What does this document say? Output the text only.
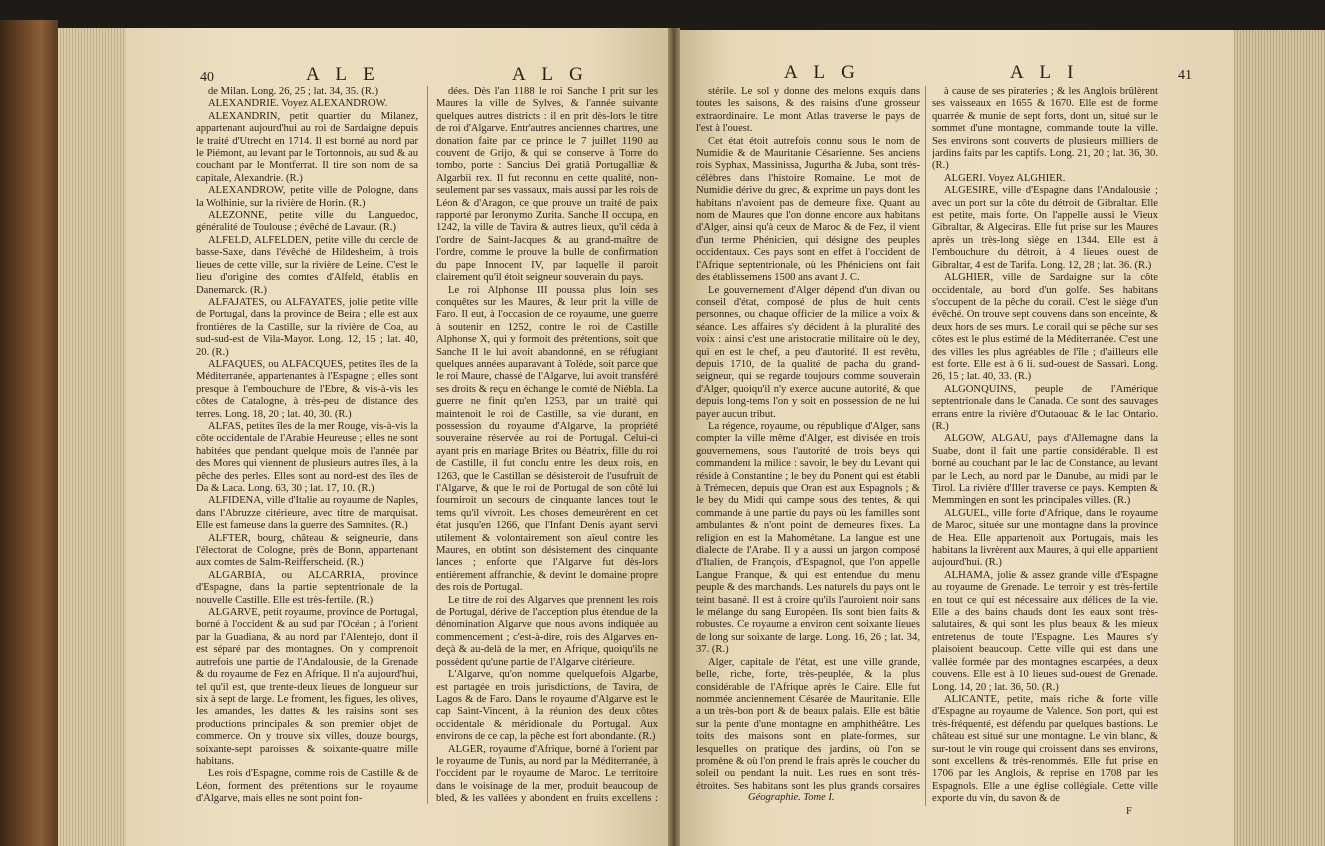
40	A L E	A L G	A L G	A L I	41

de Milan. Long. 26, 25 ; lat. 34, 35. (R.)

ALEXANDRIE. Voyez ALEXANDROW.

ALEXANDRIN, petit quartier du Milanez, appartenant aujourd'hui au roi de Sardaigne depuis le traité d'Utrecht en 1714. Il est borné au nord par le Piémont, au levant par le Tortonnois, au sud & au couchant par le Montferrat. Il tire son nom de sa capitale, Alexandrie. (R.)

ALEXANDROW, petite ville de Pologne, dans la Wolhinie, sur la rivière de Horin. (R.)

ALEZONNE, petite ville du Languedoc, généralité de Toulouse ; évêché de Lavaur. (R.)

ALFELD, ALFELDEN, petite ville du cercle de basse-Saxe, dans l'évêché de Hildesheim, à trois lieues de cette ville, sur la rivière de Leine. C'est le lieu d'origine des comtes d'Alfeld, établis en Danemarck. (R.)

ALFAJATES, ou ALFAYATES, jolie petite ville de Portugal, dans la province de Beira ; elle est aux frontières de la Castille, sur la rivière de Coa, au sud-sud-est de Vila-Mayor. Long. 12, 15 ; lat. 40, 20. (R.)

ALFAQUES, ou ALFACQUES, petites îles de la Méditerranée, appartenantes à l'Espagne ; elles sont presque à l'embouchure de l'Ebre, & vis-à-vis les côtes de Catalogne, à très-peu de distance des terres. Long. 18, 20 ; lat. 40, 30. (R.)

ALFAS, petites îles de la mer Rouge, vis-à-vis la côte occidentale de l'Arabie Heureuse ; elles ne sont habitées que pendant quelque mois de l'année par des Mores qui viennent de plusieurs autres îles, à la pêche des perles. Elles sont au nord-est des îles de Da & Laca. Long. 63, 30 ; lat. 17, 10. (R.)

ALFIDENA, ville d'Italie au royaume de Naples, dans l'Abruzze citérieure, avec titre de marquisat. Elle est fameuse dans la guerre des Samnites. (R.)

ALFTER, bourg, château & seigneurie, dans l'électorat de Cologne, près de Bonn, appartenant aux comtes de Salm-Reifferscheid. (R.)

ALGARBIA, ou ALCARRIA, province d'Espagne, dans la partie septentrionale de la nouvelle Castille. Elle est très-fertile. (R.)

ALGARVE, petit royaume, province de Portugal, borné à l'occident & au sud par l'Océan ; à l'orient par la Guadiana, & au nord par l'Alentejo, dont il est séparé par des montagnes. On y comprenoit autrefois une partie de l'Andalousie, de la Grenade & du royaume de Fez en Afrique. Il n'a aujourd'hui, tel qu'il est, que trente-deux lieues de longueur sur six à sept de large. Le froment, les figues, les olives, les amandes, les dattes & les raisins sont ses productions principales & son premier objet de commerce. On y trouve six villes, douze bourgs, soixante-sept paroisses & soixante-quatre mille habitans.

Les rois d'Espagne, comme rois de Castille & de Léon, forment des prétentions sur le royaume d'Algarve, mais elles ne sont point fon-

dées. Dès l'an 1188 le roi Sanche I prit sur les Maures la ville de Sylves, & l'année suivante quelques autres districts : il en prit dès-lors le titre de roi d'Algarve. Entr'autres anciennes chartres, une donation faite par ce prince le 7 juillet 1190 au couvent de Grijo, & qui se conserve à Torre do tombo, porte : Sancius Dei gratiâ Portugalliæ & Algarbii rex. Il fut reconnu en cette qualité, non-seulement par ses vassaux, mais aussi par les rois de Léon & d'Aragon, ce que prouve un traité de paix rapporté par Ieronymo Zurita. Sanche II occupa, en 1242, la ville de Tavira & autres lieux, qu'il céda à l'ordre de Saint-Jacques & au grand-maître de l'ordre, comme le prouve la bulle de confirmation du pape Innocent IV, par laquelle il paroit clairement qu'il étoit seigneur souverain du pays.

Le roi Alphonse III poussa plus loin ses conquêtes sur les Maures, & leur prit la ville de Faro. Il eut, à l'occasion de ce royaume, une guerre à soutenir en 1252, contre le roi de Castille Alphonse X, qui y formoit des prétentions, soit que Sanche II le lui avoit abandonné, en se réfugiant quelques années auparavant à Tolède, soit parce que le roi Maure, chassé de l'Algarve, lui avoit transféré ses droits & reçu en échange le comté de Niébla. La guerre ne finit qu'en 1253, par un traité qui maintenoit le roi de Castille, sa vie durant, en possession du royaume d'Algarve, la propriété souveraine réservée au roi de Portugal. Celui-ci ayant pris en mariage Brites ou Béatrix, fille du roi de Castille, il fut conclu entre les deux rois, en 1263, que le Castillan se désisteroit de l'usufruit de l'Algarve, & que le roi de Portugal de son côté lui fourniroit un secours de cinquante lances tout le tems qu'il vivroit. Les choses demeurèrent en cet état jusqu'en 1266, que l'Infant Denis ayant servi utilement & volontairement son aïeul contre les Maures, en obtint son désistement des cinquante lances ; enforte que l'Algarve fut dès-lors entièrement affranchie, & devint le domaine propre des rois de Portugal.

Le titre de roi des Algarves que prennent les rois de Portugal, dérive de l'acception plus étendue de la dénomination Algarve que nous avons indiquée au commencement ; c'est-à-dire, rois des Algarves en-deçà & au-delà de la mer, en Afrique, quoiqu'ils ne possèdent qu'une partie de l'Algarve citérieure.

L'Algarve, qu'on nomme quelquefois Algarbe, est partagée en trois jurisdictions, de Tavira, de Lagos & de Faro. Dans le royaume d'Algarve est le cap Saint-Vincent, à la réunion des deux côtes occidentale & méridionale du Portugal. Aux environs de ce cap, la pêche est fort abondante. (R.)

ALGER, royaume d'Afrique, borné à l'orient par le royaume de Tunis, au nord par la Méditerranée, à l'occident par le royaume de Maroc. Le territoire dans le voisinage de la mer, produit beaucoup de bled, & les vallées y abondent en fruits excellens :

stérile. Le sol y donne des melons exquis dans toutes les saisons, & des raisins d'une grosseur extraordinaire. Le mont Atlas traverse le pays de l'est à l'ouest.

Cet état étoit autrefois connu sous le nom de Numidie & de Mauritanie Césarienne. Ses anciens rois Syphax, Massinissa, Jugurtha & Juba, sont très-célèbres dans l'histoire Romaine. Le mot de Numidie dérive du grec, & exprime un pays dont les habitans n'avoient pas de demeure fixe. Quant au nom de Maures que l'on donne encore aux habitans d'Alger, ainsi qu'à ceux de Maroc & de Fez, il vient d'un terme Phénicien, qui désigne des peuples occidentaux. Ces pays sont en effet à l'occident de l'Afrique septentrionale, où les Phéniciens ont fait des établissemens 1500 ans avant J. C.

Le gouvernement d'Alger dépend d'un divan ou conseil d'état, composé de plus de huit cents personnes, ou chaque officier de la milice a voix & séance. Les affaires s'y décident à la pluralité des voix : ainsi c'est une aristocratie militaire où le dey, qui en est le chef, a peu d'autorité. Il est revêtu, depuis 1710, de la qualité de pacha du grand-seigneur, qui se regarde toujours comme souverain d'Alger, quoiqu'il n'y exerce aucune autorité, & que depuis long-tems l'on y soit en possession de ne lui payer aucun tribut.

La régence, royaume, ou république d'Alger, sans compter la ville même d'Alger, est divisée en trois gouvernemens, sous l'autorité de trois beys qui commandent la milice : savoir, le bey du Levant qui réside à Constantine ; le bey du Ponent qui est établi à Trémecen, depuis que Oran est aux Espagnols ; & le bey du Midi qui campe sous des tentes, & qui commande à une partie du pays où les familles sont ambulantes & n'ont point de demeures fixes. La religion en est la Mahométane. La langue est une dialecte de l'Arabe. Il y a aussi un jargon composé d'Italien, de François, d'Espagnol, que l'on appelle Langue Franque, & qui est entendue du menu peuple & des marchands. Les naturels du pays ont le teint basané. Il est à croire qu'ils l'auroient noir sans le mélange du sang Européen. Ils sont bien faits & robustes. Ce royaume a environ cent soixante lieues de long sur soixante de large. Long. 16, 26 ; lat. 34, 37. (R.)

Alger, capitale de l'état, est une ville grande, belle, riche, forte, très-peuplée, & la plus considérable de l'Afrique après le Caire. Elle fut nommée anciennement Césarée de Mauritanie. Elle a un très-bon port & de beaux palais. Elle est bâtie sur la pente d'une montagne en amphithéâtre. Les toits des maisons sont en plate-formes, sur lesquelles on pratique des jardins, où l'on se promène & où l'on prend le frais après le coucher du soleil ou pendant la nuit. Les rues en sont très-étroites. Ses habitans sont les plus grands corsaires

à cause de ses pirateries ; & les Anglois brûlèrent ses vaisseaux en 1655 & 1670. Elle est de forme quarrée & munie de sept forts, dont un, situé sur le sommet d'une montagne, commande toute la ville. Ses environs sont couverts de plusieurs milliers de jardins faits par les captifs. Long. 21, 20 ; lat. 36, 30. (R.)

ALGERI. Voyez ALGHIER.

ALGESIRE, ville d'Espagne dans l'Andalousie ; avec un port sur la côte du détroit de Gibraltar. Elle est petite, mais forte. On l'appelle aussi le Vieux Gibraltar, & Algeciras. Elle fut prise sur les Maures après un très-long siège en 1344. Elle est à l'embouchure du détroit, à 4 lieues ouest de Gibraltar, 4 est de Tarifa. Long. 12, 28 ; lat. 36. (R.)

ALGHIER, ville de Sardaigne sur la côte occidentale, au bord d'un golfe. Ses habitans s'occupent de la pêche du corail. C'est le siège d'un évêché. On trouve sept couvens dans son enceinte, & deux hors de ses murs. Le corail qui se pêche sur ses côtes est le plus estimé de la Méditerranée. C'est une des villes les plus agréables de l'île ; d'ailleurs elle est forte. Elle est à 6 li. sud-ouest de Sassari. Long. 26, 15 ; lat. 40, 33. (R.)

ALGONQUINS, peuple de l'Amérique septentrionale dans le Canada. Ce sont des sauvages errans entre la rivière d'Outaouac & le lac Ontario. (R.)

ALGOW, ALGAU, pays d'Allemagne dans la Suabe, dont il fait une partie considérable. Il est borné au couchant par le lac de Constance, au levant par le Lech, au nord par le Danube, au midi par le Tirol. La rivière d'Iller traverse ce pays. Kempten & Memmingen en sont les principales villes. (R.)

ALGUEL, ville forte d'Afrique, dans le royaume de Maroc, située sur une montagne dans la province de Hea. Elle appartenoit aux Portugais, mais les habitans la livrèrent aux Maures, à qui elle appartient aujourd'hui. (R.)

ALHAMA, jolie & assez grande ville d'Espagne au royaume de Grenade. Le terroir y est très-fertile en tout ce qui est nécessaire aux délices de la vie. Elle a des bains chauds dont les eaux sont très-salutaires, & qui sont les plus beaux & les mieux entretenus de toute l'Espagne. Les Maures s'y plaisoient beaucoup. Cette ville qui est dans une vallée formée par des montagnes escarpées, a deux couvens. Elle est à 10 lieues sud-ouest de Grenade. Long. 14, 20 ; lat. 36, 50. (R.)

ALICANTE, petite, mais riche & forte ville d'Espagne au royaume de Valence. Son port, qui est très-fréquenté, est défendu par quelques bastions. Le château est situé sur une montagne. Le vin blanc, & sur-tout le vin rouge qui croissent dans ses environs, sont excellens & très-renommés. Elle fut prise en 1706 par les Anglois, & reprise en 1708 par les Espagnols. Elle a une église collégiale. Cette ville exporte du vin, du savon & de

Géographie. Tome I.
F
